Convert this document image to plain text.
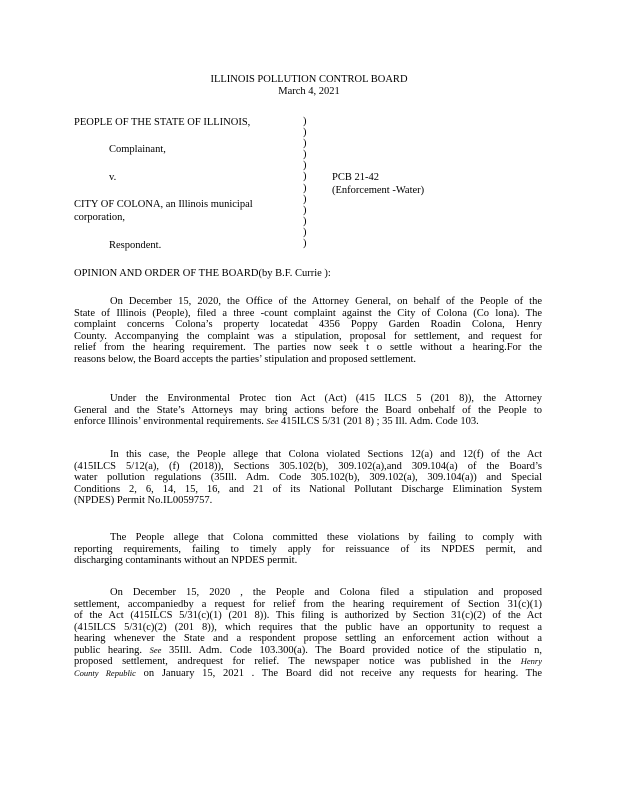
ILLINOIS POLLUTION CONTROL BOARD
March 4, 2021
PEOPLE OF THE STATE OF ILLINOIS,
Complainant,
v.
CITY OF COLONA, an Illinois municipal
corporation,
Respondent.
)
)
)
)
)
)
)
)
)
)
)
)
PCB 21-42
(Enforcement -Water)
OPINION AND ORDER OF THE BOARD(by B.F. Currie ):
On December 15, 2020, the Office of the Attorney General, on behalf of the People of the
State of Illinois (People), filed a three -count complaint against the City of Colona (Co lona). The
complaint concerns Colona’s property locatedat 4356 Poppy Garden Roadin Colona, Henry
County. Accompanying the complaint was a stipulation, proposal for settlement, and request for
relief from the hearing requirement. The parties now seek t o settle without a hearing.For the
reasons below, the Board accepts the parties’ stipulation and proposed settlement.
Under the Environmental Protec tion Act (Act) (415 ILCS 5 (201 8)), the Attorney
General and the State’s Attorneys may bring actions before the Board onbehalf of the People to
enforce Illinois’ environmental requirements. See 415ILCS 5/31 (201 8) ; 35 Ill. Adm. Code 103.
In this case, the People allege that Colona violated Sections 12(a) and 12(f) of the Act
(415ILCS 5/12(a), (f) (2018)), Sections 305.102(b), 309.102(a),and 309.104(a) of the Board’s
water pollution regulations (35Ill. Adm. Code 305.102(b), 309.102(a), 309.104(a)) and Special
Conditions 2, 6, 14, 15, 16, and 21 of its National Pollutant Discharge Elimination System
(NPDES) Permit No.IL0059757.
The People allege that Colona committed these violations by failing to comply with
reporting requirements, failing to timely apply for reissuance of its NPDES permit, and
discharging contaminants without an NPDES permit.
On December 15, 2020 , the People and Colona filed a stipulation and proposed
settlement, accompaniedby a request for relief from the hearing requirement of Section 31(c)(1)
of the Act (415ILCS 5/31(c)(1) (201 8)). This filing is authorized by Section 31(c)(2) of the Act
(415ILCS 5/31(c)(2) (201 8)), which requires that the public have an opportunity to request a
hearing whenever the State and a respondent propose settling an enforcement action without a
public hearing. See 35Ill. Adm. Code 103.300(a). The Board provided notice of the stipulatio n,
proposed settlement, andrequest for relief. The newspaper notice was published in the Henry
County Republic on January 15, 2021 . The Board did not receive any requests for hearing. The
